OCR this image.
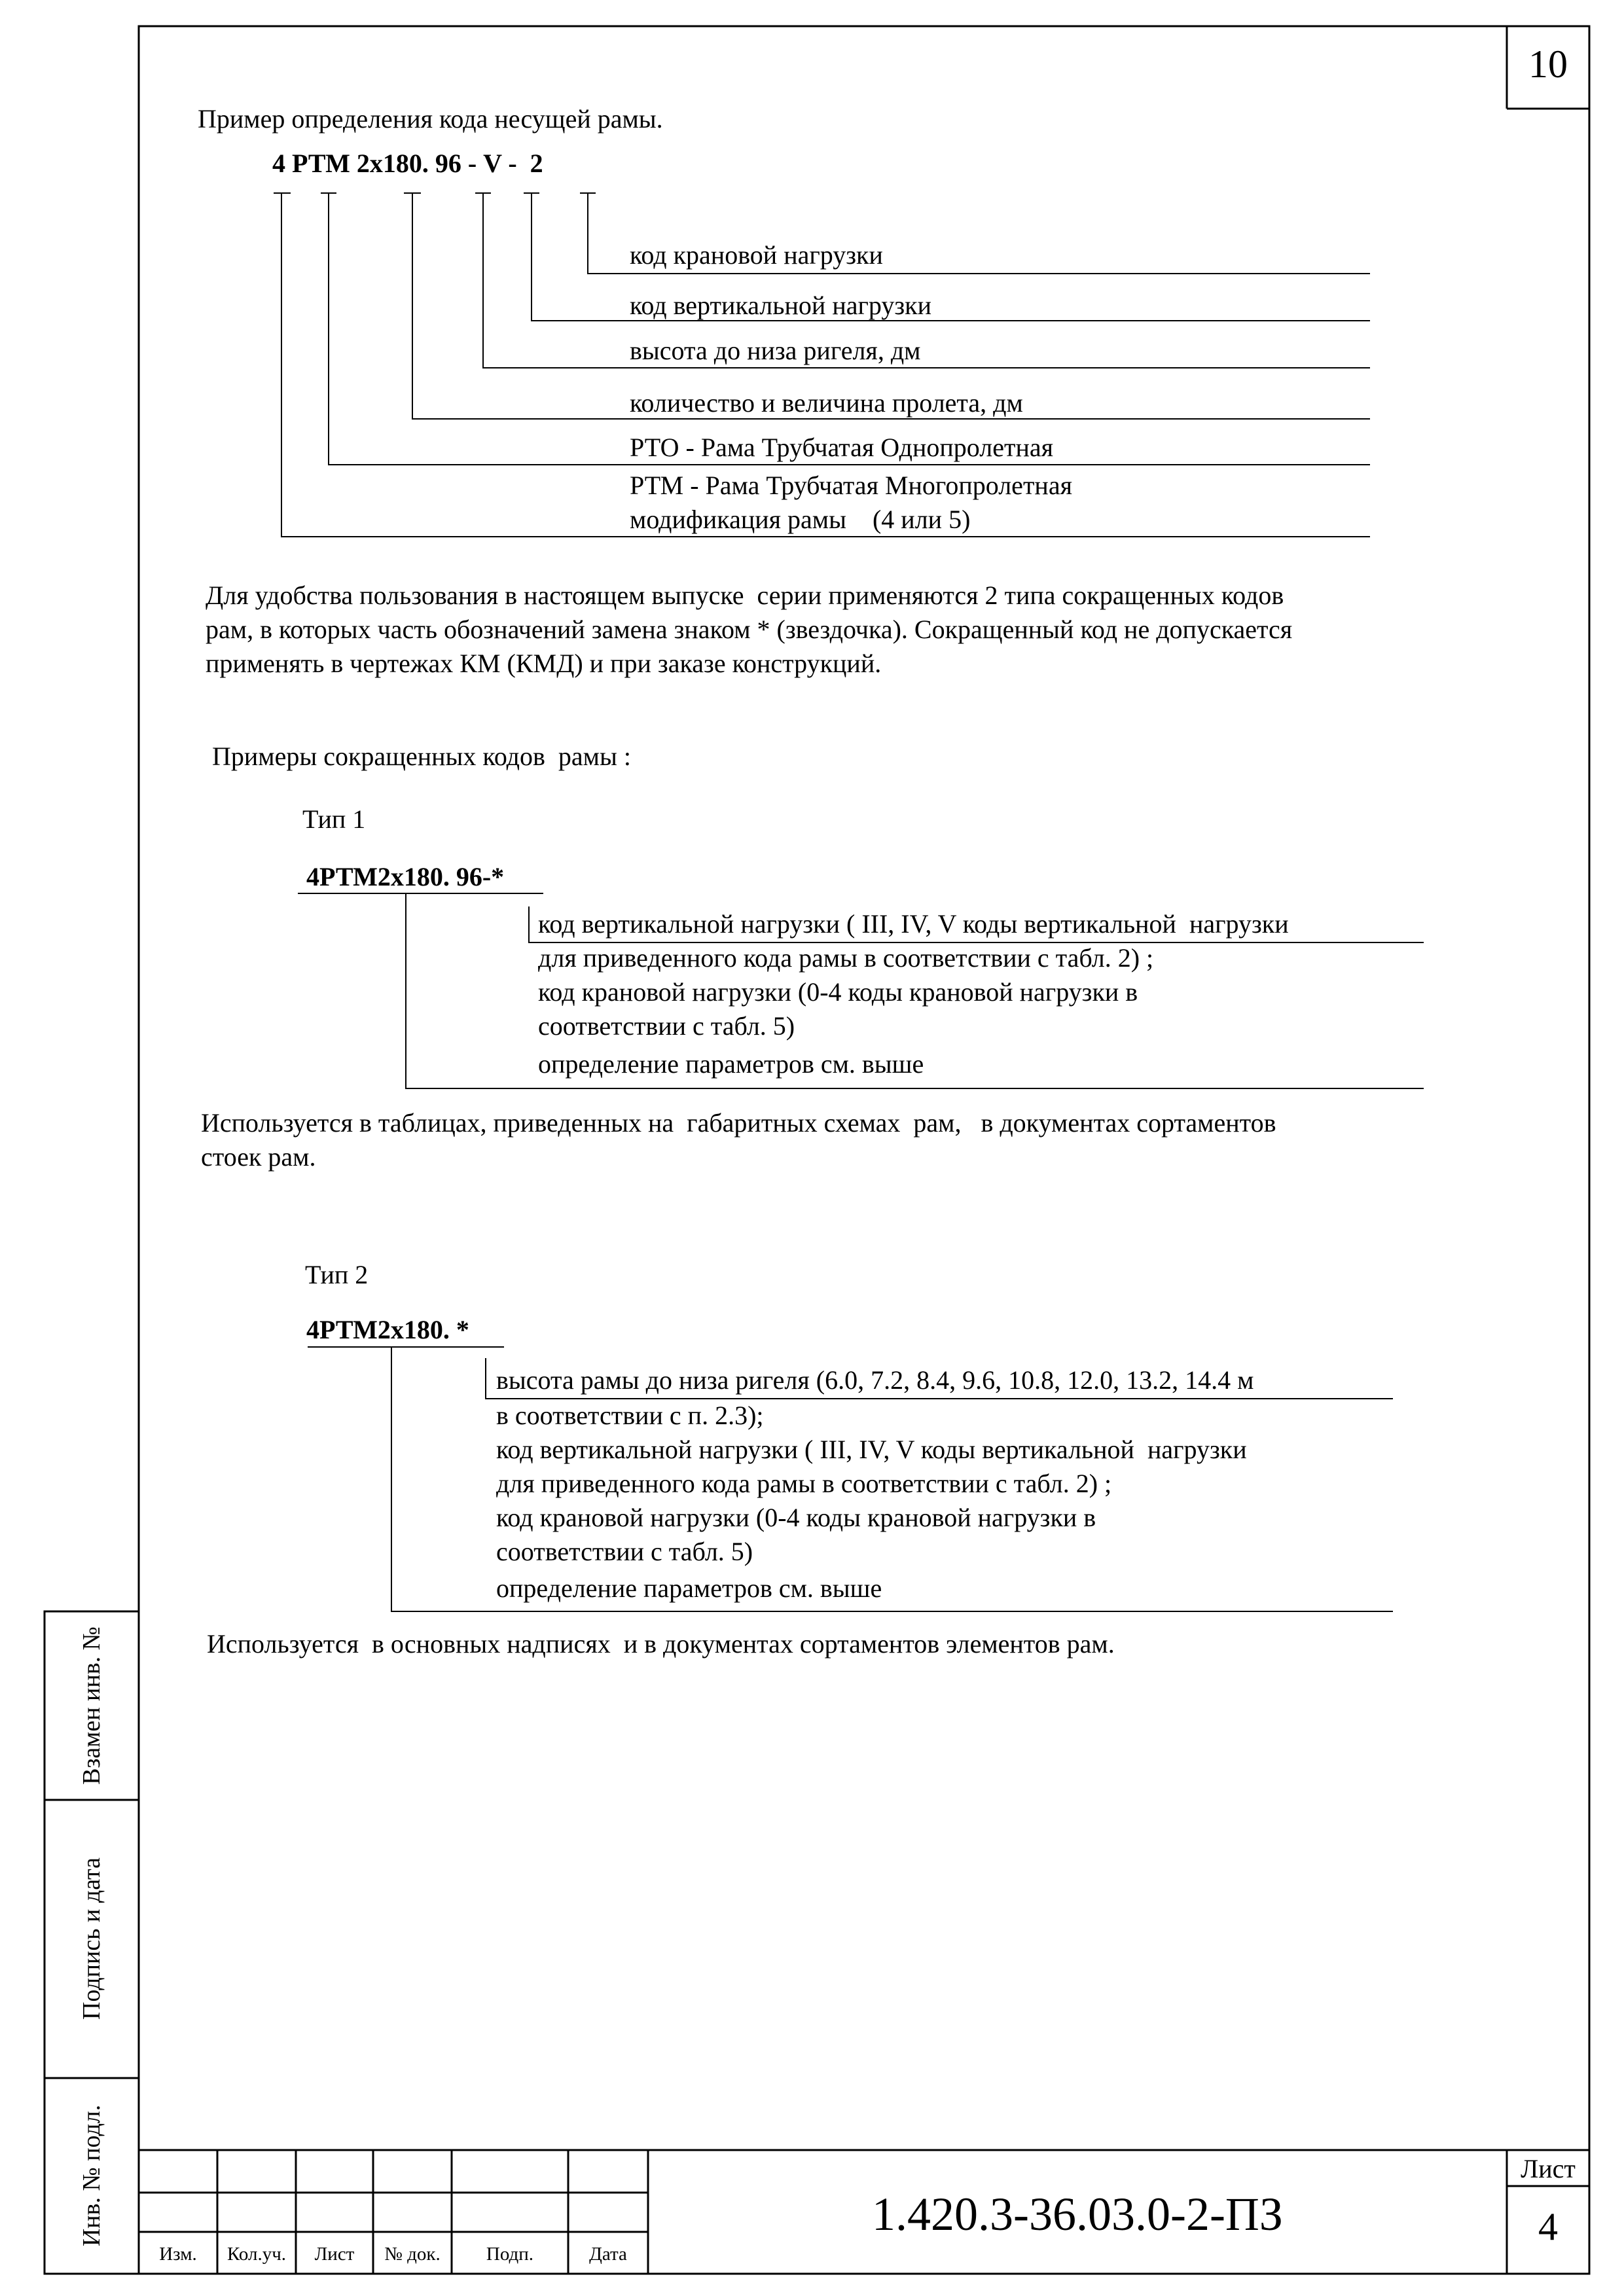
10
Пример определения кода несущей рамы.
4 РТМ 2х180. 96 - V -  2
код крановой нагрузки
код вертикальной нагрузки
высота до низа ригеля, дм
количество и величина пролета, дм
РТО - Рама Трубчатая Однопролетная
РТМ - Рама Трубчатая Многопролетная
модификация рамы    (4 или 5)
Для удобства пользования в настоящем выпуске  серии применяются 2 типа сокращенных кодов
рам, в которых часть обозначений замена знаком * (звездочка). Сокращенный код не допускается
применять в чертежах КМ (КМД) и при заказе конструкций.
Примеры сокращенных кодов  рамы :
Тип 1
4РТМ2х180. 96-*
код вертикальной нагрузки ( III, IV, V коды вертикальной  нагрузки
для приведенного кода рамы в соответствии с табл. 2) ;
код крановой нагрузки (0-4 коды крановой нагрузки в
соответствии с табл. 5)
определение параметров см. выше
Используется в таблицах, приведенных на  габаритных схемах  рам,   в документах сортаментов
стоек рам.
Тип 2
4РТМ2х180. *
высота рамы до низа ригеля (6.0, 7.2, 8.4, 9.6, 10.8, 12.0, 13.2, 14.4 м
в соответствии с п. 2.3);
код вертикальной нагрузки ( III, IV, V коды вертикальной  нагрузки
для приведенного кода рамы в соответствии с табл. 2) ;
код крановой нагрузки (0-4 коды крановой нагрузки в
соответствии с табл. 5)
определение параметров см. выше
Используется  в основных надписях  и в документах сортаментов элементов рам.
Взамен инв. №
Подпись и дата
Инв. № подл.
Изм.	Кол.уч.	Лист	№ док.	Подп.	Дата
1.420.3-36.03.0-2-ПЗ
Лист
4
